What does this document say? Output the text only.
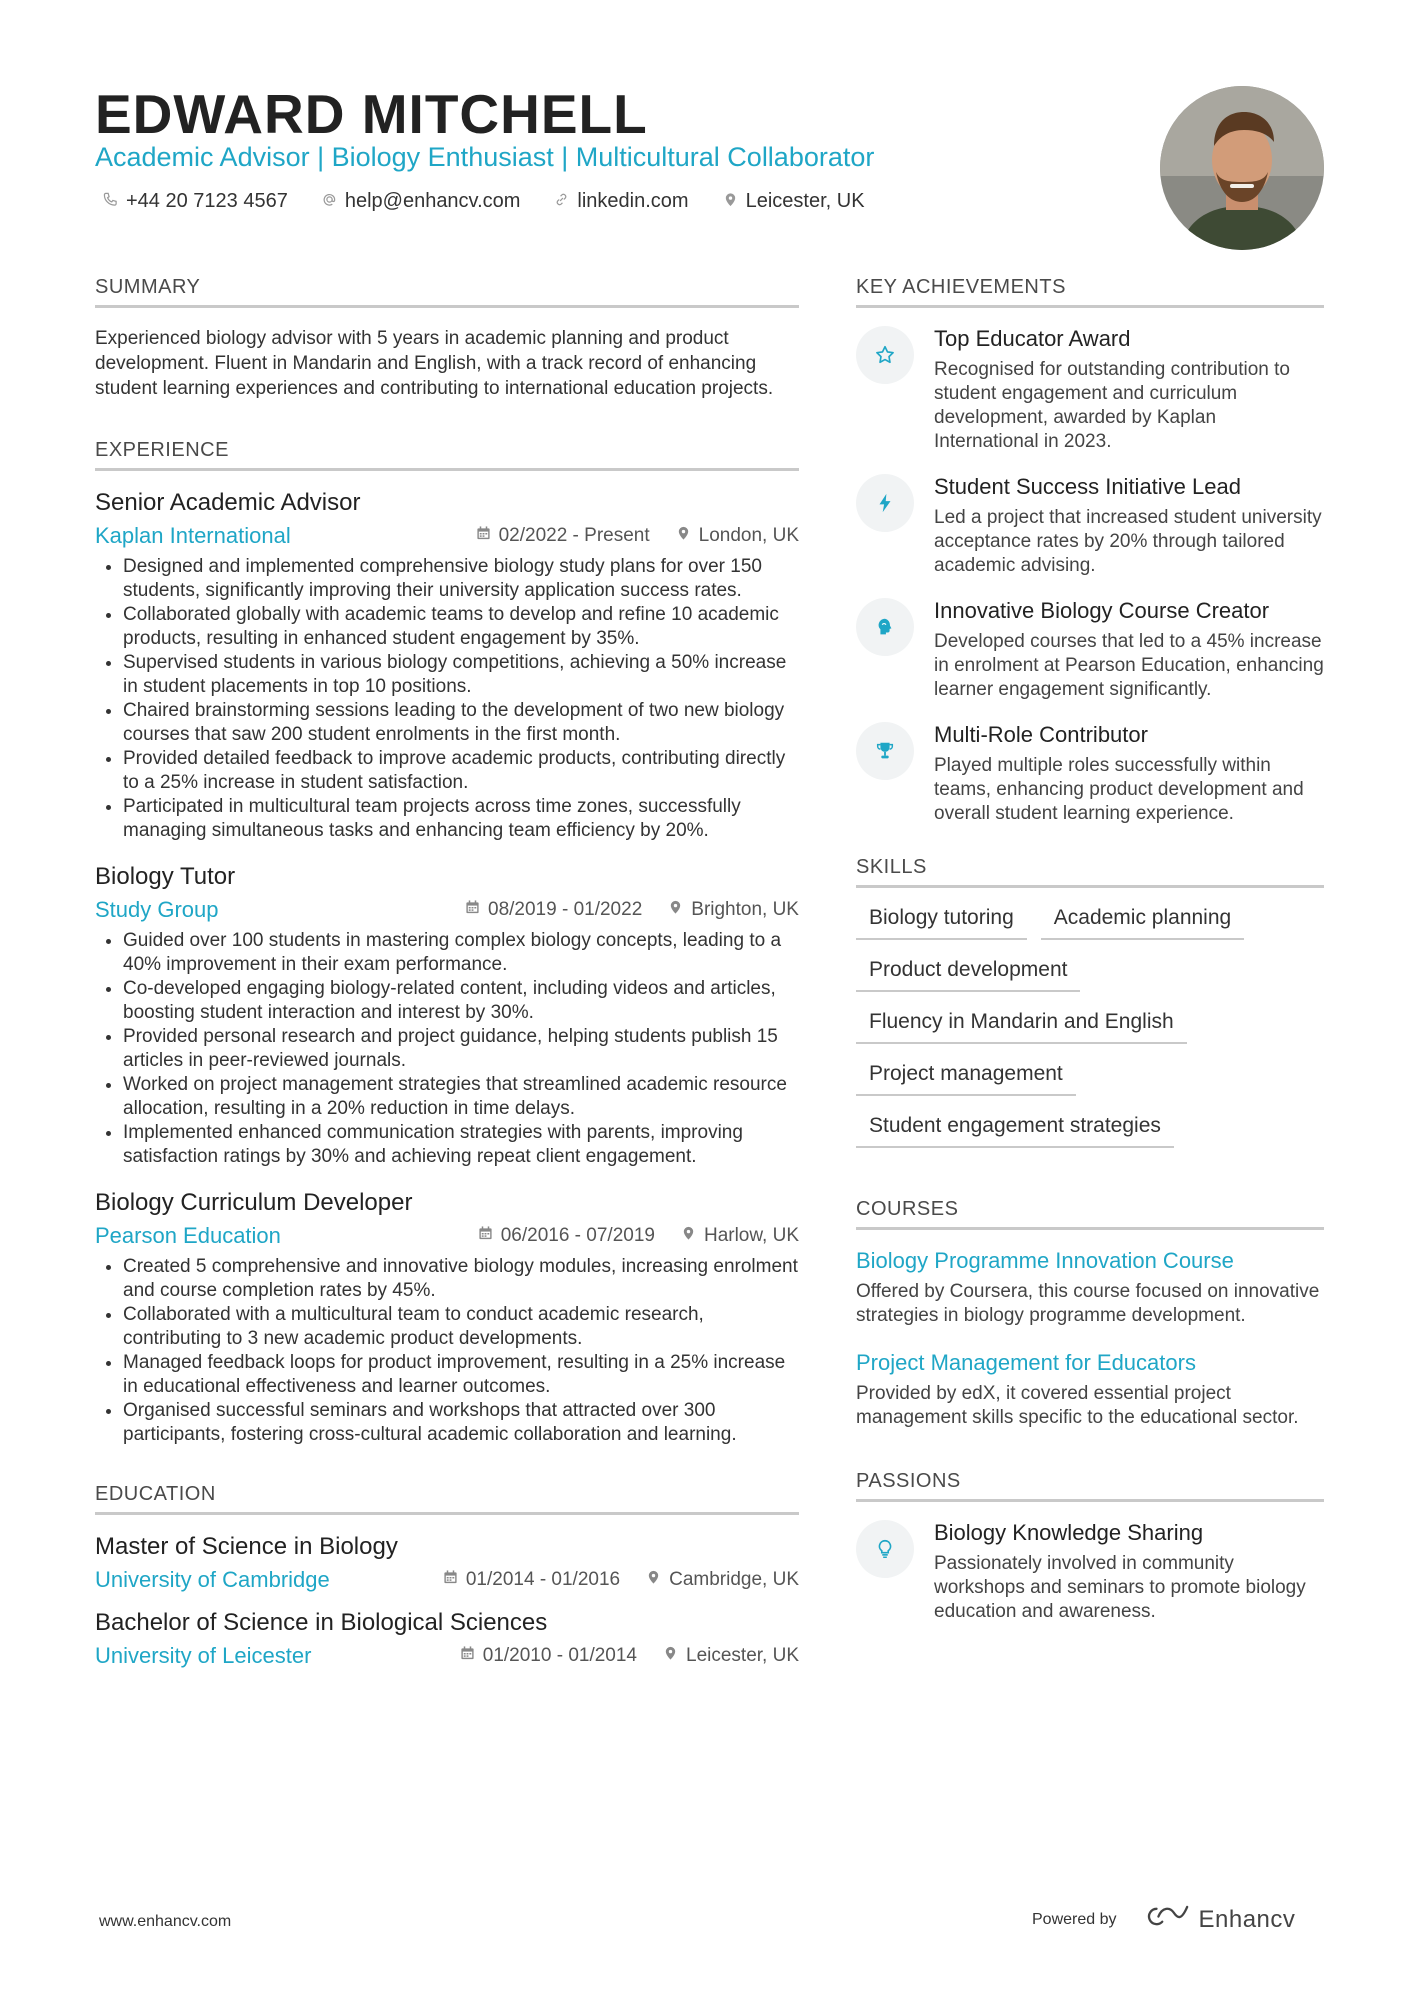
EDWARD MITCHELL
Academic Advisor | Biology Enthusiast | Multicultural Collaborator
+44 20 7123 4567	help@enhancv.com	linkedin.com	Leicester, UK
SUMMARY
Experienced biology advisor with 5 years in academic planning and product development. Fluent in Mandarin and English, with a track record of enhancing student learning experiences and contributing to international education projects.
EXPERIENCE
Senior Academic Advisor
Kaplan International	02/2022 - Present	London, UK
• Designed and implemented comprehensive biology study plans for over 150 students, significantly improving their university application success rates.
• Collaborated globally with academic teams to develop and refine 10 academic products, resulting in enhanced student engagement by 35%.
• Supervised students in various biology competitions, achieving a 50% increase in student placements in top 10 positions.
• Chaired brainstorming sessions leading to the development of two new biology courses that saw 200 student enrolments in the first month.
• Provided detailed feedback to improve academic products, contributing directly to a 25% increase in student satisfaction.
• Participated in multicultural team projects across time zones, successfully managing simultaneous tasks and enhancing team efficiency by 20%.
Biology Tutor
Study Group	08/2019 - 01/2022	Brighton, UK
• Guided over 100 students in mastering complex biology concepts, leading to a 40% improvement in their exam performance.
• Co-developed engaging biology-related content, including videos and articles, boosting student interaction and interest by 30%.
• Provided personal research and project guidance, helping students publish 15 articles in peer-reviewed journals.
• Worked on project management strategies that streamlined academic resource allocation, resulting in a 20% reduction in time delays.
• Implemented enhanced communication strategies with parents, improving satisfaction ratings by 30% and achieving repeat client engagement.
Biology Curriculum Developer
Pearson Education	06/2016 - 07/2019	Harlow, UK
• Created 5 comprehensive and innovative biology modules, increasing enrolment and course completion rates by 45%.
• Collaborated with a multicultural team to conduct academic research, contributing to 3 new academic product developments.
• Managed feedback loops for product improvement, resulting in a 25% increase in educational effectiveness and learner outcomes.
• Organised successful seminars and workshops that attracted over 300 participants, fostering cross-cultural academic collaboration and learning.
EDUCATION
Master of Science in Biology
University of Cambridge	01/2014 - 01/2016	Cambridge, UK
Bachelor of Science in Biological Sciences
University of Leicester	01/2010 - 01/2014	Leicester, UK
KEY ACHIEVEMENTS
Top Educator Award
Recognised for outstanding contribution to student engagement and curriculum development, awarded by Kaplan International in 2023.
Student Success Initiative Lead
Led a project that increased student university acceptance rates by 20% through tailored academic advising.
Innovative Biology Course Creator
Developed courses that led to a 45% increase in enrolment at Pearson Education, enhancing learner engagement significantly.
Multi-Role Contributor
Played multiple roles successfully within teams, enhancing product development and overall student learning experience.
SKILLS
Biology tutoring	Academic planning
Product development
Fluency in Mandarin and English
Project management
Student engagement strategies
COURSES
Biology Programme Innovation Course
Offered by Coursera, this course focused on innovative strategies in biology programme development.
Project Management for Educators
Provided by edX, it covered essential project management skills specific to the educational sector.
PASSIONS
Biology Knowledge Sharing
Passionately involved in community workshops and seminars to promote biology education and awareness.
www.enhancv.com	Powered by	Enhancv
